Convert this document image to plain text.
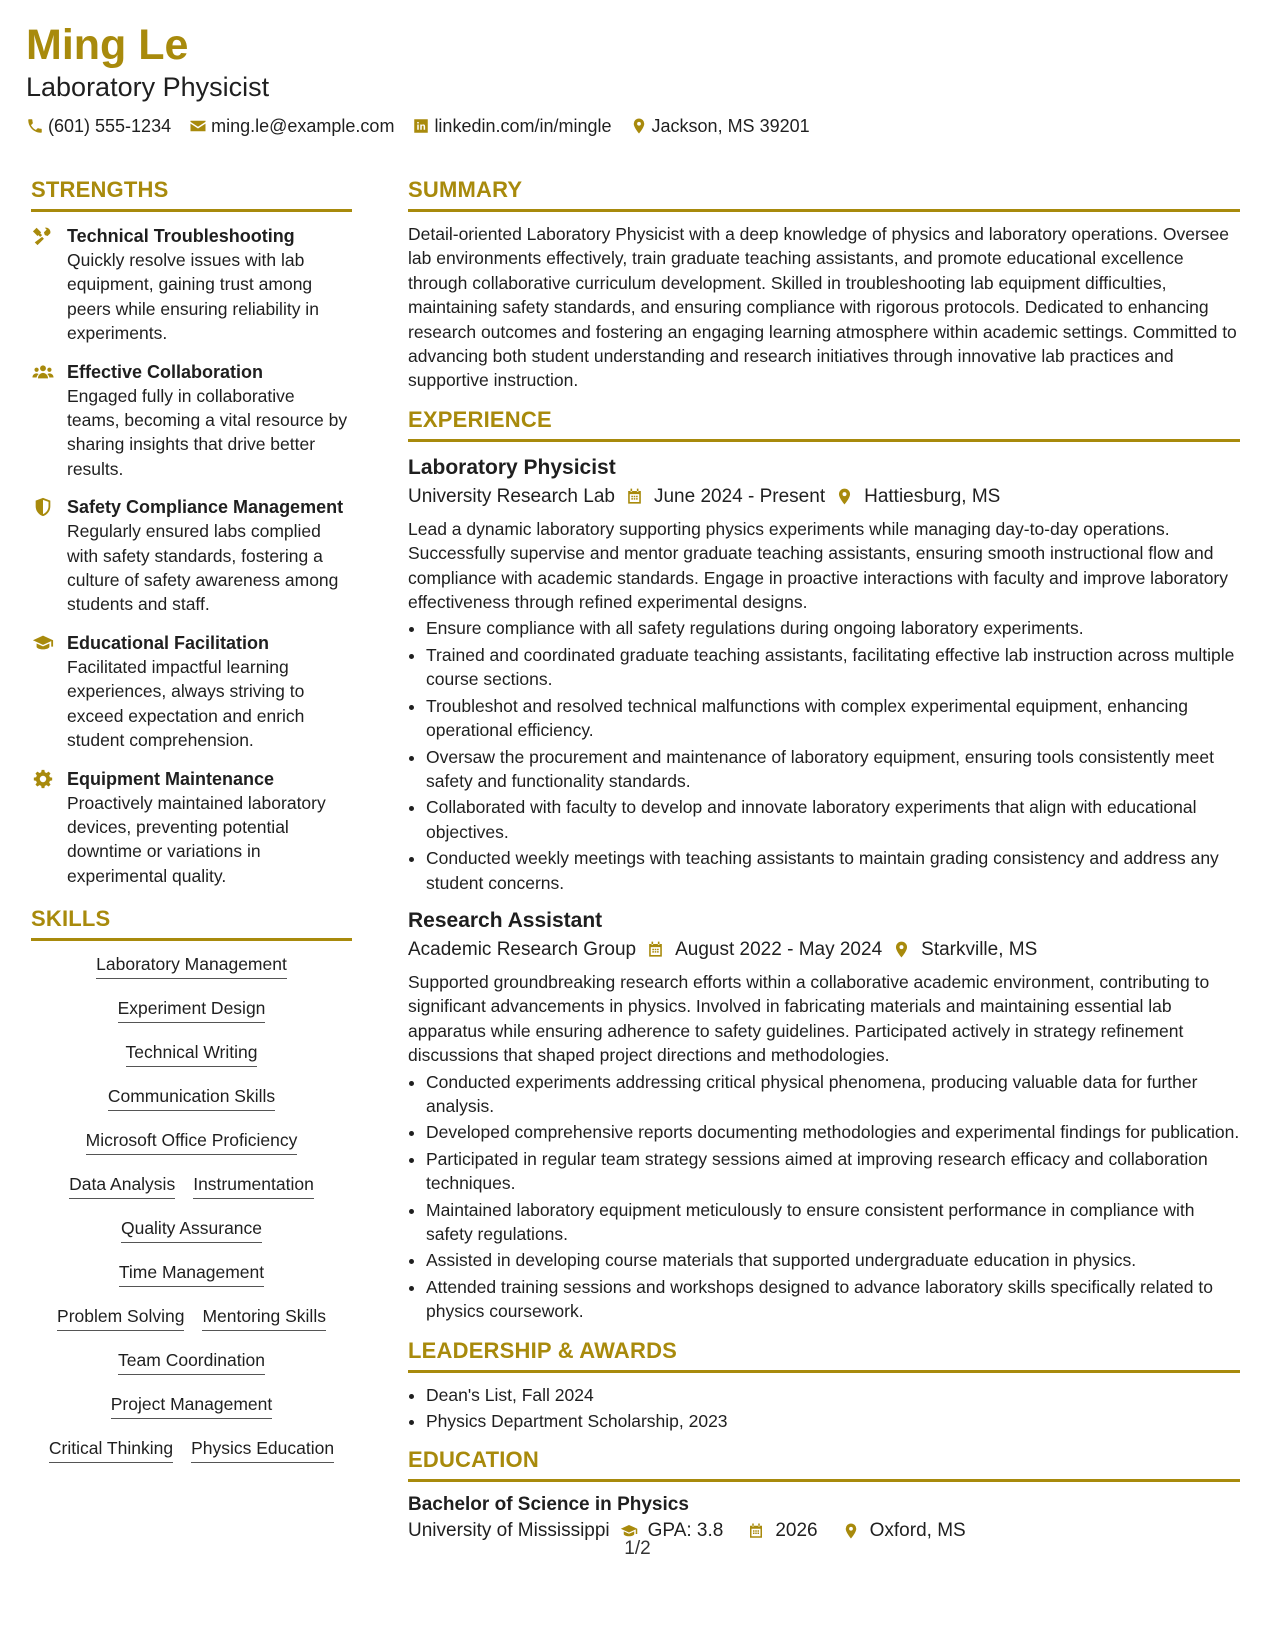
Ming Le
Laboratory Physicist
(601) 555-1234 ming.le@example.com linkedin.com/in/mingle Jackson, MS 39201
STRENGTHS
Technical Troubleshooting
Quickly resolve issues with lab equipment, gaining trust among peers while ensuring reliability in experiments.
Effective Collaboration
Engaged fully in collaborative teams, becoming a vital resource by sharing insights that drive better results.
Safety Compliance Management
Regularly ensured labs complied with safety standards, fostering a culture of safety awareness among students and staff.
Educational Facilitation
Facilitated impactful learning experiences, always striving to exceed expectation and enrich student comprehension.
Equipment Maintenance
Proactively maintained laboratory devices, preventing potential downtime or variations in experimental quality.
SKILLS
Laboratory Management
Experiment Design
Technical Writing
Communication Skills
Microsoft Office Proficiency
Data Analysis Instrumentation
Quality Assurance
Time Management
Problem Solving Mentoring Skills
Team Coordination
Project Management
Critical Thinking Physics Education
SUMMARY

Detail-oriented Laboratory Physicist with a deep knowledge of physics and laboratory operations. Oversee lab environments effectively, train graduate teaching assistants, and promote educational excellence through collaborative curriculum development. Skilled in troubleshooting lab equipment difficulties, maintaining safety standards, and ensuring compliance with rigorous protocols. Dedicated to enhancing research outcomes and fostering an engaging learning atmosphere within academic settings. Committed to advancing both student understanding and research initiatives through innovative lab practices and supportive instruction.

EXPERIENCE
Laboratory Physicist
University Research Lab June 2024 - Present Hattiesburg, MS

Lead a dynamic laboratory supporting physics experiments while managing day-to-day operations. Successfully supervise and mentor graduate teaching assistants, ensuring smooth instructional flow and compliance with academic standards. Engage in proactive interactions with faculty and improve laboratory effectiveness through refined experimental designs.

• Ensure compliance with all safety regulations during ongoing laboratory experiments.
• Trained and coordinated graduate teaching assistants, facilitating effective lab instruction across multiple course sections.
• Troubleshot and resolved technical malfunctions with complex experimental equipment, enhancing operational efficiency.
• Oversaw the procurement and maintenance of laboratory equipment, ensuring tools consistently meet safety and functionality standards.
• Collaborated with faculty to develop and innovate laboratory experiments that align with educational objectives.
• Conducted weekly meetings with teaching assistants to maintain grading consistency and address any student concerns.
Research Assistant
Academic Research Group August 2022 - May 2024 Starkville, MS

Supported groundbreaking research efforts within a collaborative academic environment, contributing to significant advancements in physics. Involved in fabricating materials and maintaining essential lab apparatus while ensuring adherence to safety guidelines. Participated actively in strategy refinement discussions that shaped project directions and methodologies.

• Conducted experiments addressing critical physical phenomena, producing valuable data for further analysis.
• Developed comprehensive reports documenting methodologies and experimental findings for publication.
• Participated in regular team strategy sessions aimed at improving research efficacy and collaboration techniques.
• Maintained laboratory equipment meticulously to ensure consistent performance in compliance with safety regulations.
• Assisted in developing course materials that supported undergraduate education in physics.
• Attended training sessions and workshops designed to advance laboratory skills specifically related to physics coursework.
LEADERSHIP & AWARDS
• Dean's List, Fall 2024
• Physics Department Scholarship, 2023
EDUCATION
Bachelor of Science in Physics
University of Mississippi GPA: 3.8	2026	Oxford, MS
1/2
